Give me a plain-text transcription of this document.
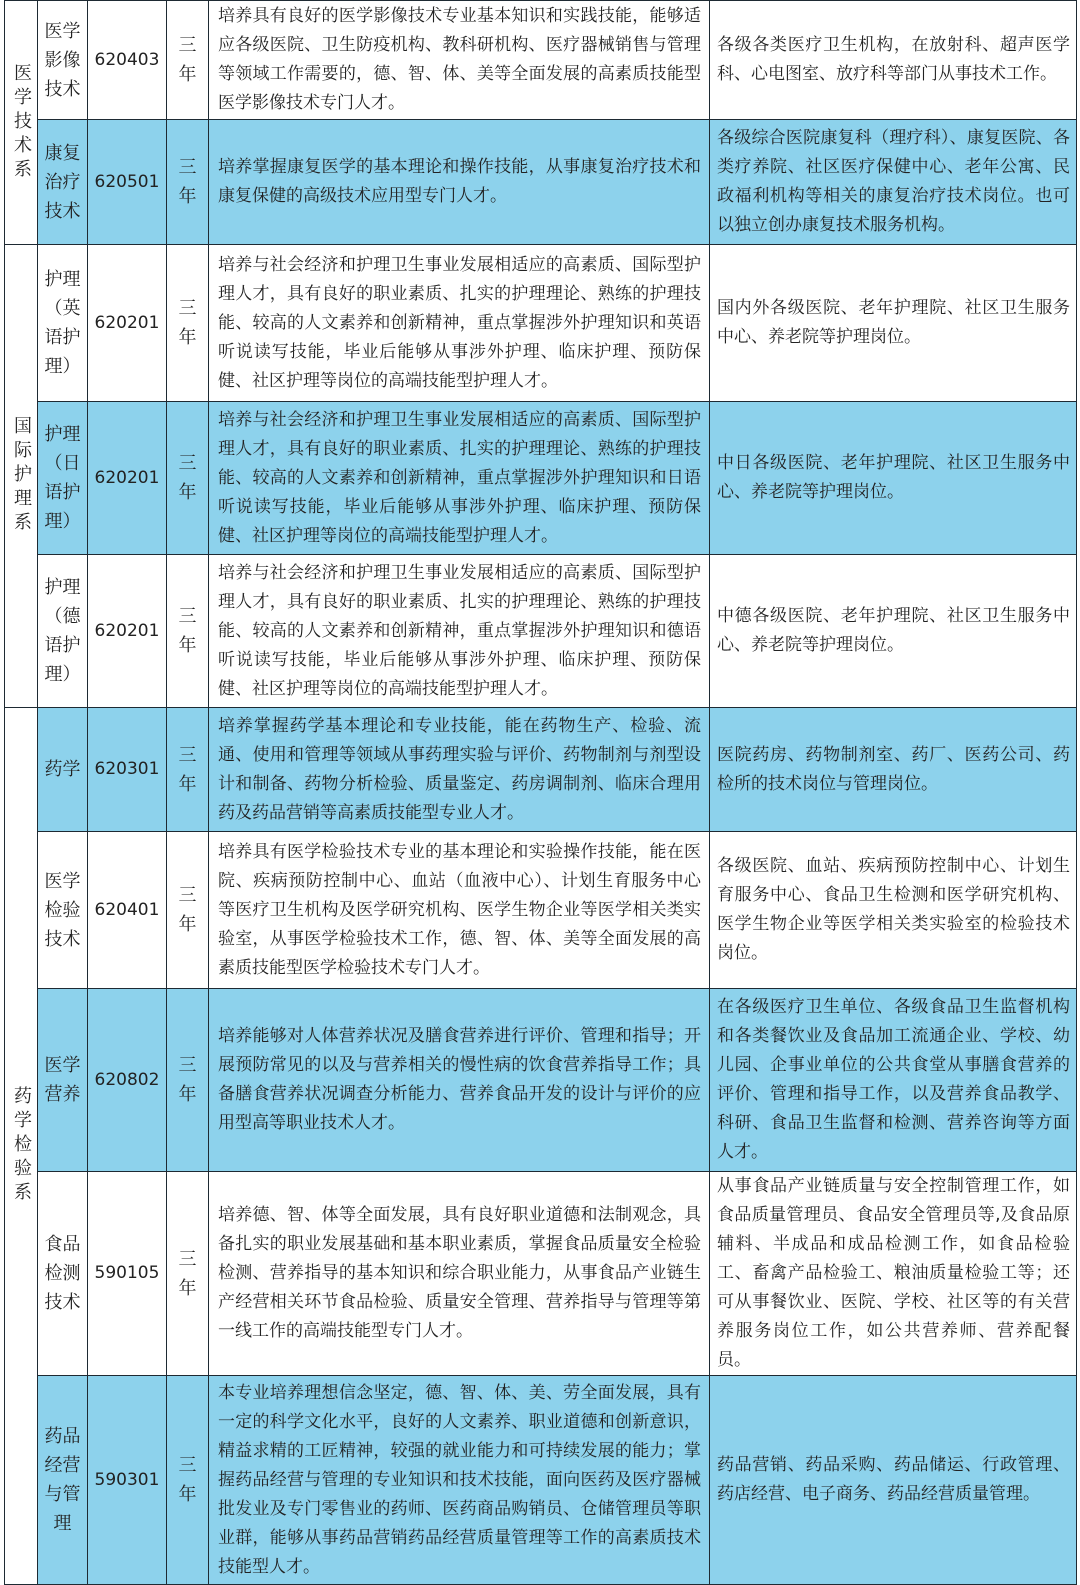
医学技术系	医学影像技术	620403	三年	培养具有良好的医学影像技术专业基本知识和实践技能，能够适应各级医院、卫生防疫机构、教科研机构、医疗器械销售与管理等领域工作需要的，德、智、体、美等全面发展的高素质技能型医学影像技术专门人才。	各级各类医疗卫生机构，在放射科、超声医学科、心电图室、放疗科等部门从事技术工作。
	康复治疗技术	620501	三年	培养掌握康复医学的基本理论和操作技能，从事康复治疗技术和康复保健的高级技术应用型专门人才。	各级综合医院康复科（理疗科）、康复医院、各类疗养院、社区医疗保健中心、老年公寓、民政福利机构等相关的康复治疗技术岗位。也可以独立创办康复技术服务机构。
国际护理系	护理（英语护理）	620201	三年	培养与社会经济和护理卫生事业发展相适应的高素质、国际型护理人才，具有良好的职业素质、扎实的护理理论、熟练的护理技能、较高的人文素养和创新精神，重点掌握涉外护理知识和英语听说读写技能，毕业后能够从事涉外护理、临床护理、预防保健、社区护理等岗位的高端技能型护理人才。	国内外各级医院、老年护理院、社区卫生服务中心、养老院等护理岗位。
	护理（日语护理）	620201	三年	培养与社会经济和护理卫生事业发展相适应的高素质、国际型护理人才，具有良好的职业素质、扎实的护理理论、熟练的护理技能、较高的人文素养和创新精神，重点掌握涉外护理知识和日语听说读写技能，毕业后能够从事涉外护理、临床护理、预防保健、社区护理等岗位的高端技能型护理人才。	中日各级医院、老年护理院、社区卫生服务中心、养老院等护理岗位。
	护理（德语护理）	620201	三年	培养与社会经济和护理卫生事业发展相适应的高素质、国际型护理人才，具有良好的职业素质、扎实的护理理论、熟练的护理技能、较高的人文素养和创新精神，重点掌握涉外护理知识和德语听说读写技能，毕业后能够从事涉外护理、临床护理、预防保健、社区护理等岗位的高端技能型护理人才。	中德各级医院、老年护理院、社区卫生服务中心、养老院等护理岗位。
药学检验系	药学	620301	三年	培养掌握药学基本理论和专业技能，能在药物生产、检验、流通、使用和管理等领域从事药理实验与评价、药物制剂与剂型设计和制备、药物分析检验、质量鉴定、药房调制剂、临床合理用药及药品营销等高素质技能型专业人才。	医院药房、药物制剂室、药厂、医药公司、药检所的技术岗位与管理岗位。
	医学检验技术	620401	三年	培养具有医学检验技术专业的基本理论和实验操作技能，能在医院、疾病预防控制中心、血站（血液中心）、计划生育服务中心等医疗卫生机构及医学研究机构、医学生物企业等医学相关类实验室，从事医学检验技术工作，德、智、体、美等全面发展的高素质技能型医学检验技术专门人才。	各级医院、血站、疾病预防控制中心、计划生育服务中心、食品卫生检测和医学研究机构、医学生物企业等医学相关类实验室的检验技术岗位。
	医学营养	620802	三年	培养能够对人体营养状况及膳食营养进行评价、管理和指导；开展预防常见的以及与营养相关的慢性病的饮食营养指导工作；具备膳食营养状况调查分析能力、营养食品开发的设计与评价的应用型高等职业技术人才。	在各级医疗卫生单位、各级食品卫生监督机构和各类餐饮业及食品加工流通企业、学校、幼儿园、企事业单位的公共食堂从事膳食营养的评价、管理和指导工作，以及营养食品教学、科研、食品卫生监督和检测、营养咨询等方面人才。
	食品检测技术	590105	三年	培养德、智、体等全面发展，具有良好职业道德和法制观念，具备扎实的职业发展基础和基本职业素质，掌握食品质量安全检验检测、营养指导的基本知识和综合职业能力，从事食品产业链生产经营相关环节食品检验、质量安全管理、营养指导与管理等第一线工作的高端技能型专门人才。	从事食品产业链质量与安全控制管理工作，如食品质量管理员、食品安全管理员等,及食品原辅料、半成品和成品检测工作，如食品检验工、畜禽产品检验工、粮油质量检验工等；还可从事餐饮业、医院、学校、社区等的有关营养服务岗位工作，如公共营养师、营养配餐员。
	药品经营与管理	590301	三年	本专业培养理想信念坚定，德、智、体、美、劳全面发展，具有一定的科学文化水平，良好的人文素养、职业道德和创新意识，精益求精的工匠精神，较强的就业能力和可持续发展的能力；掌握药品经营与管理的专业知识和技术技能，面向医药及医疗器械批发业及专门零售业的药师、医药商品购销员、仓储管理员等职业群，能够从事药品营销药品经营质量管理等工作的高素质技术技能型人才。	药品营销、药品采购、药品储运、行政管理、药店经营、电子商务、药品经营质量管理。
